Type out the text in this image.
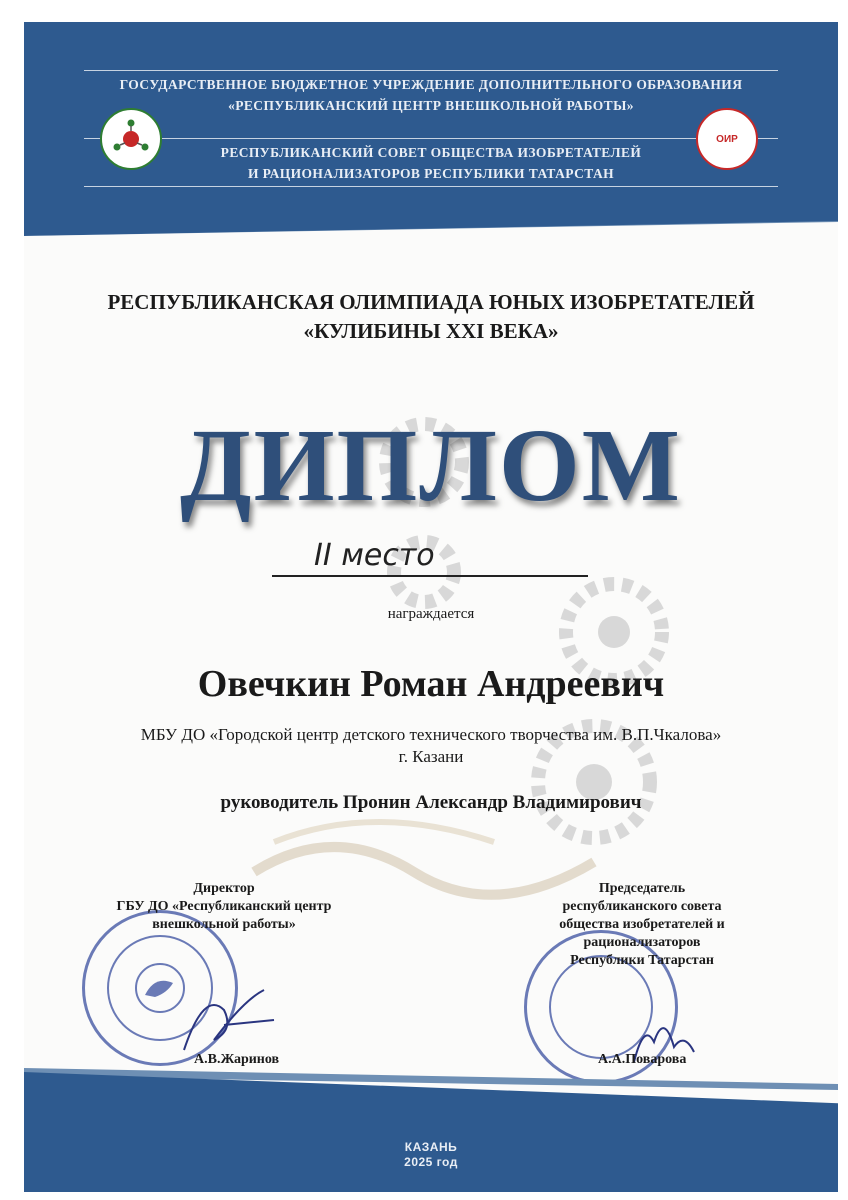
ГОСУДАРСТВЕННОЕ БЮДЖЕТНОЕ УЧРЕЖДЕНИЕ ДОПОЛНИТЕЛЬНОГО ОБРАЗОВАНИЯ
«РЕСПУБЛИКАНСКИЙ ЦЕНТР ВНЕШКОЛЬНОЙ РАБОТЫ»
РЕСПУБЛИКАНСКИЙ СОВЕТ ОБЩЕСТВА ИЗОБРЕТАТЕЛЕЙ
И РАЦИОНАЛИЗАТОРОВ РЕСПУБЛИКИ ТАТАРСТАН
ОИР
РЕСПУБЛИКАНСКАЯ ОЛИМПИАДА ЮНЫХ ИЗОБРЕТАТЕЛЕЙ
«КУЛИБИНЫ XXI ВЕКА»
ДИПЛОМ
II место
награждается
Овечкин Роман Андреевич
МБУ ДО «Городской центр детского технического творчества им. В.П.Чкалова»
г. Казани
руководитель Пронин Александр Владимирович
Директор
ГБУ ДО «Республиканский центр
внешкольной работы»
Председатель
республиканского совета
общества изобретателей и
рационализаторов
Республики Татарстан
А.В.Жаринов	А.А.Поварова
КАЗАНЬ
2025 год
